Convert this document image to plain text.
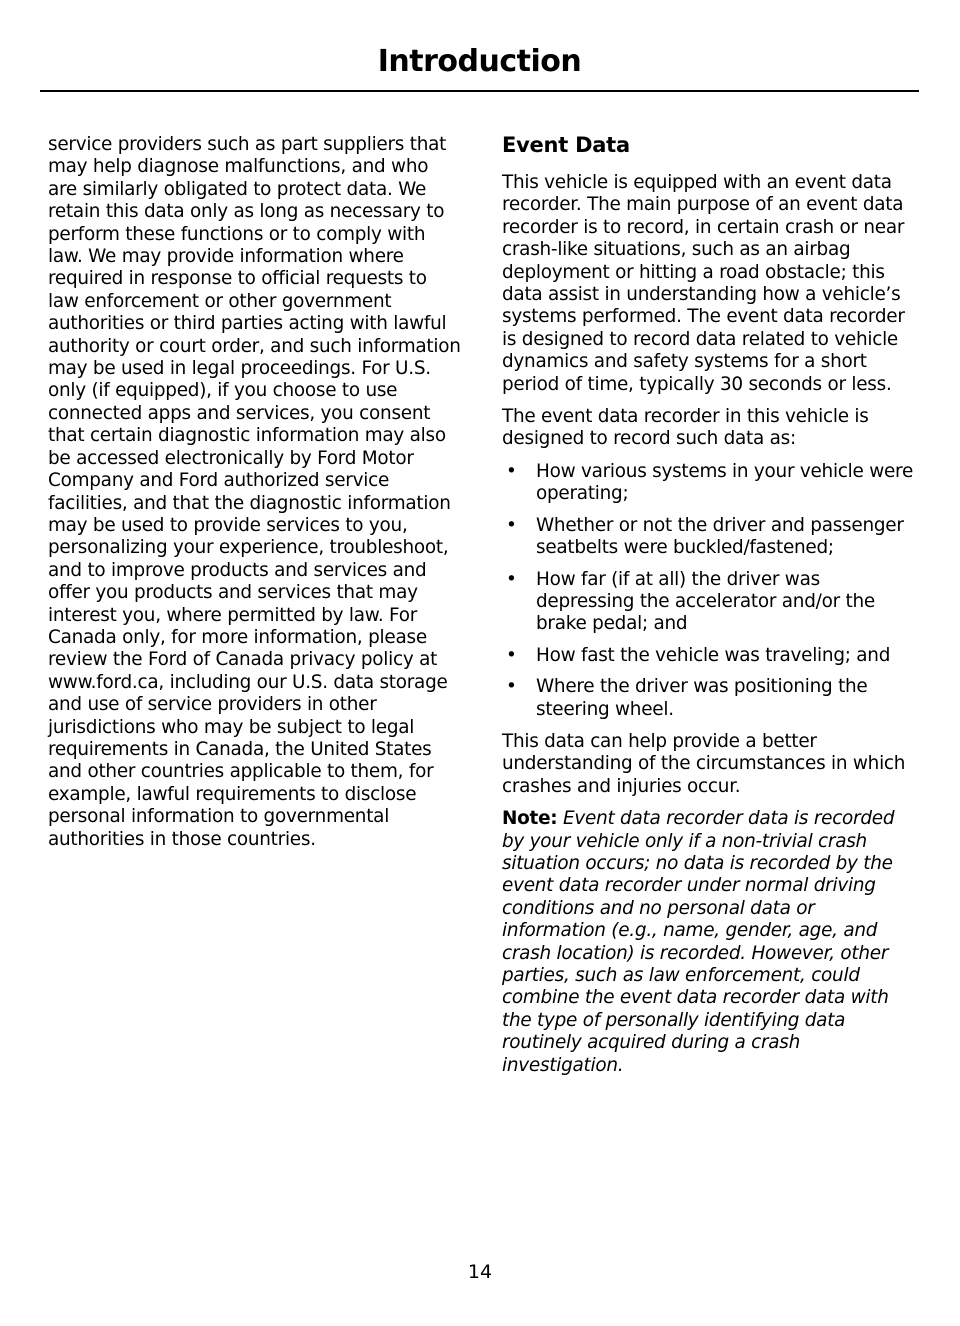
Introduction

service providers such as part suppliers that may help diagnose malfunctions, and who are similarly obligated to protect data. We retain this data only as long as necessary to perform these functions or to comply with law. We may provide information where required in response to official requests to law enforcement or other government authorities or third parties acting with lawful authority or court order, and such information may be used in legal proceedings. For U.S. only (if equipped), if you choose to use connected apps and services, you consent that certain diagnostic information may also be accessed electronically by Ford Motor Company and Ford authorized service facilities, and that the diagnostic information may be used to provide services to you, personalizing your experience, troubleshoot, and to improve products and services and offer you products and services that may interest you, where permitted by law. For Canada only, for more information, please review the Ford of Canada privacy policy at www.ford.ca, including our U.S. data storage and use of service providers in other jurisdictions who may be subject to legal requirements in Canada, the United States and other countries applicable to them, for example, lawful requirements to disclose personal information to governmental authorities in those countries.

Event Data

This vehicle is equipped with an event data recorder. The main purpose of an event data recorder is to record, in certain crash or near crash-like situations, such as an airbag deployment or hitting a road obstacle; this data assist in understanding how a vehicle’s systems performed. The event data recorder is designed to record data related to vehicle dynamics and safety systems for a short period of time, typically 30 seconds or less.

The event data recorder in this vehicle is designed to record such data as:

• How various systems in your vehicle were operating;
• Whether or not the driver and passenger seatbelts were buckled/fastened;
• How far (if at all) the driver was depressing the accelerator and/or the brake pedal; and
• How fast the vehicle was traveling; and
• Where the driver was positioning the steering wheel.

This data can help provide a better understanding of the circumstances in which crashes and injuries occur.

Note: Event data recorder data is recorded by your vehicle only if a non-trivial crash situation occurs; no data is recorded by the event data recorder under normal driving conditions and no personal data or information (e.g., name, gender, age, and crash location) is recorded. However, other parties, such as law enforcement, could combine the event data recorder data with the type of personally identifying data routinely acquired during a crash investigation.

14
